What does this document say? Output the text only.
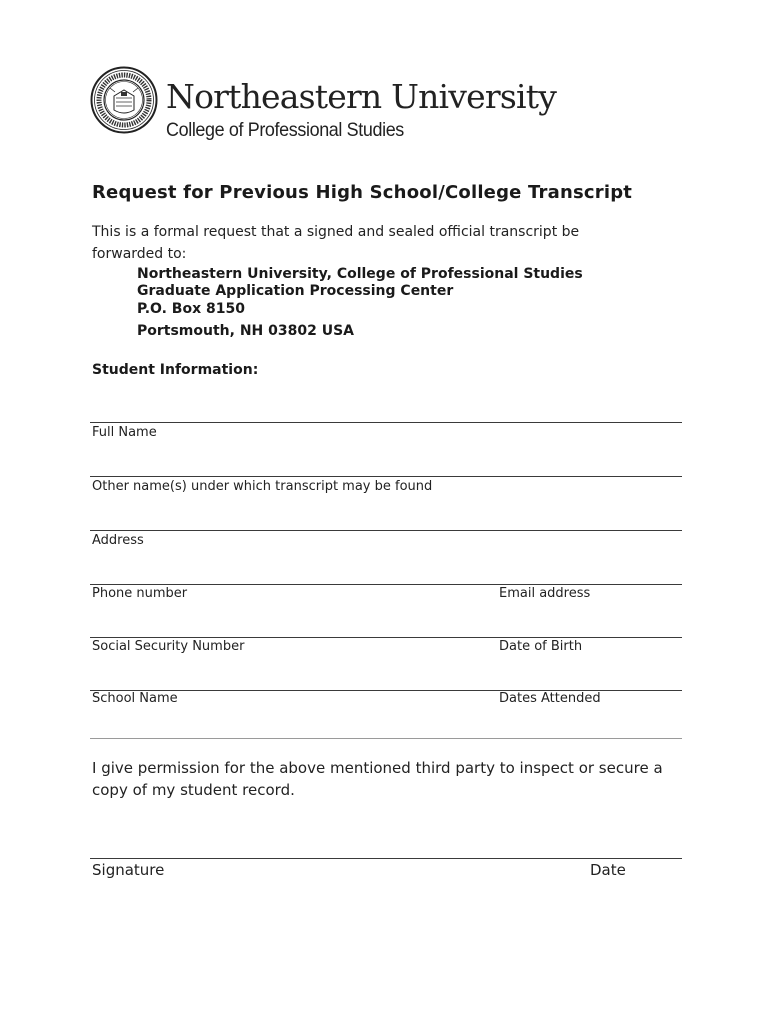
Northeastern University
College of Professional Studies
Request for Previous High School/College Transcript
This is a formal request that a signed and sealed official transcript be forwarded to:
Northeastern University, College of Professional Studies
Graduate Application Processing Center
P.O. Box 8150
Portsmouth, NH 03802 USA
Student Information:
Full Name
Other name(s) under which transcript may be found
Address
Phone number	Email address
Social Security Number	Date of Birth
School Name	Dates Attended
I give permission for the above mentioned third party to inspect or secure a copy of my student record.
Signature	Date
